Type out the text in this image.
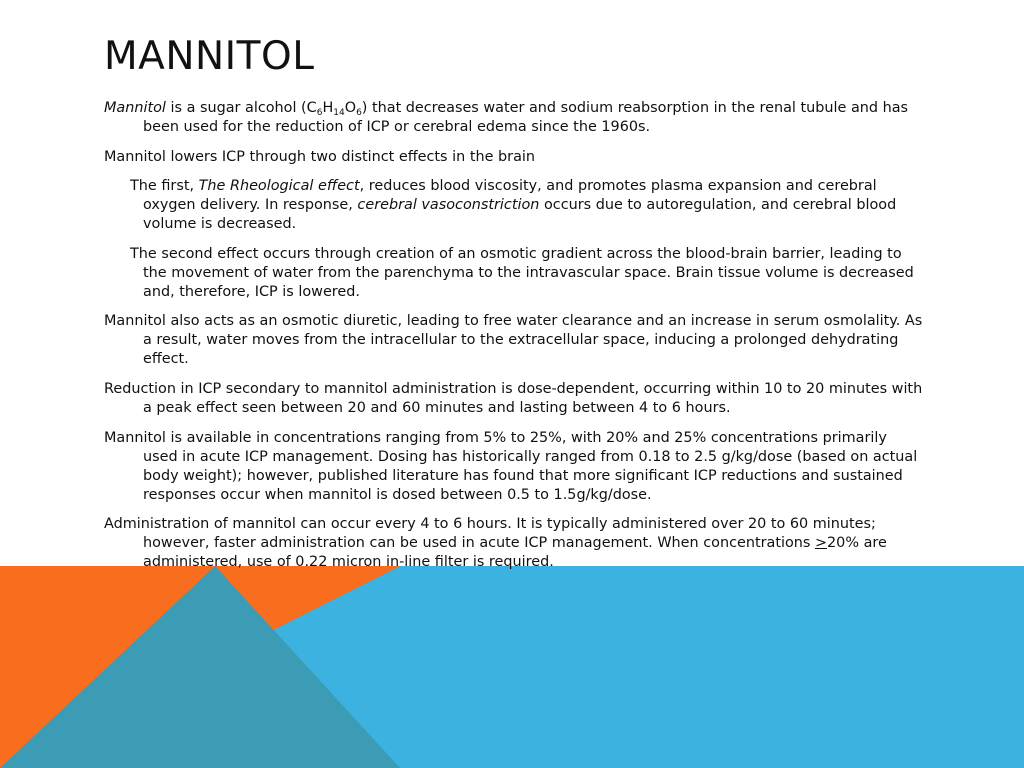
MANNITOL

Mannitol is a sugar alcohol $(C_6H_{14}O_6)$ that decreases water and sodium reabsorption in the renal tubule and has been used for the reduction of ICP or cerebral edema since the 1960s.

Mannitol lowers ICP through two distinct effects in the brain

The first, The Rheological effect, reduces blood viscosity, and promotes plasma expansion and cerebral oxygen delivery. In response, cerebral vasoconstriction occurs due to autoregulation, and cerebral blood volume is decreased.

The second effect occurs through creation of an osmotic gradient across the blood-brain barrier, leading to the movement of water from the parenchyma to the intravascular space. Brain tissue volume is decreased and, therefore, ICP is lowered.

Mannitol also acts as an osmotic diuretic, leading to free water clearance and an increase in serum osmolality. As a result, water moves from the intracellular to the extracellular space, inducing a prolonged dehydrating effect.

Reduction in ICP secondary to mannitol administration is dose-dependent, occurring within 10 to 20 minutes with a peak effect seen between 20 and 60 minutes and lasting between 4 to 6 hours.

Mannitol is available in concentrations ranging from 5% to 25%, with 20% and 25% concentrations primarily used in acute ICP management. Dosing has historically ranged from 0.18 to 2.5 g/kg/dose (based on actual body weight); however, published literature has found that more significant ICP reductions and sustained responses occur when mannitol is dosed between 0.5 to 1.5g/kg/dose.

Administration of mannitol can occur every 4 to 6 hours. It is typically administered over 20 to 60 minutes; however, faster administration can be used in acute ICP management. When concentrations ≥20% are administered, use of 0.22 micron in-line filter is required.
